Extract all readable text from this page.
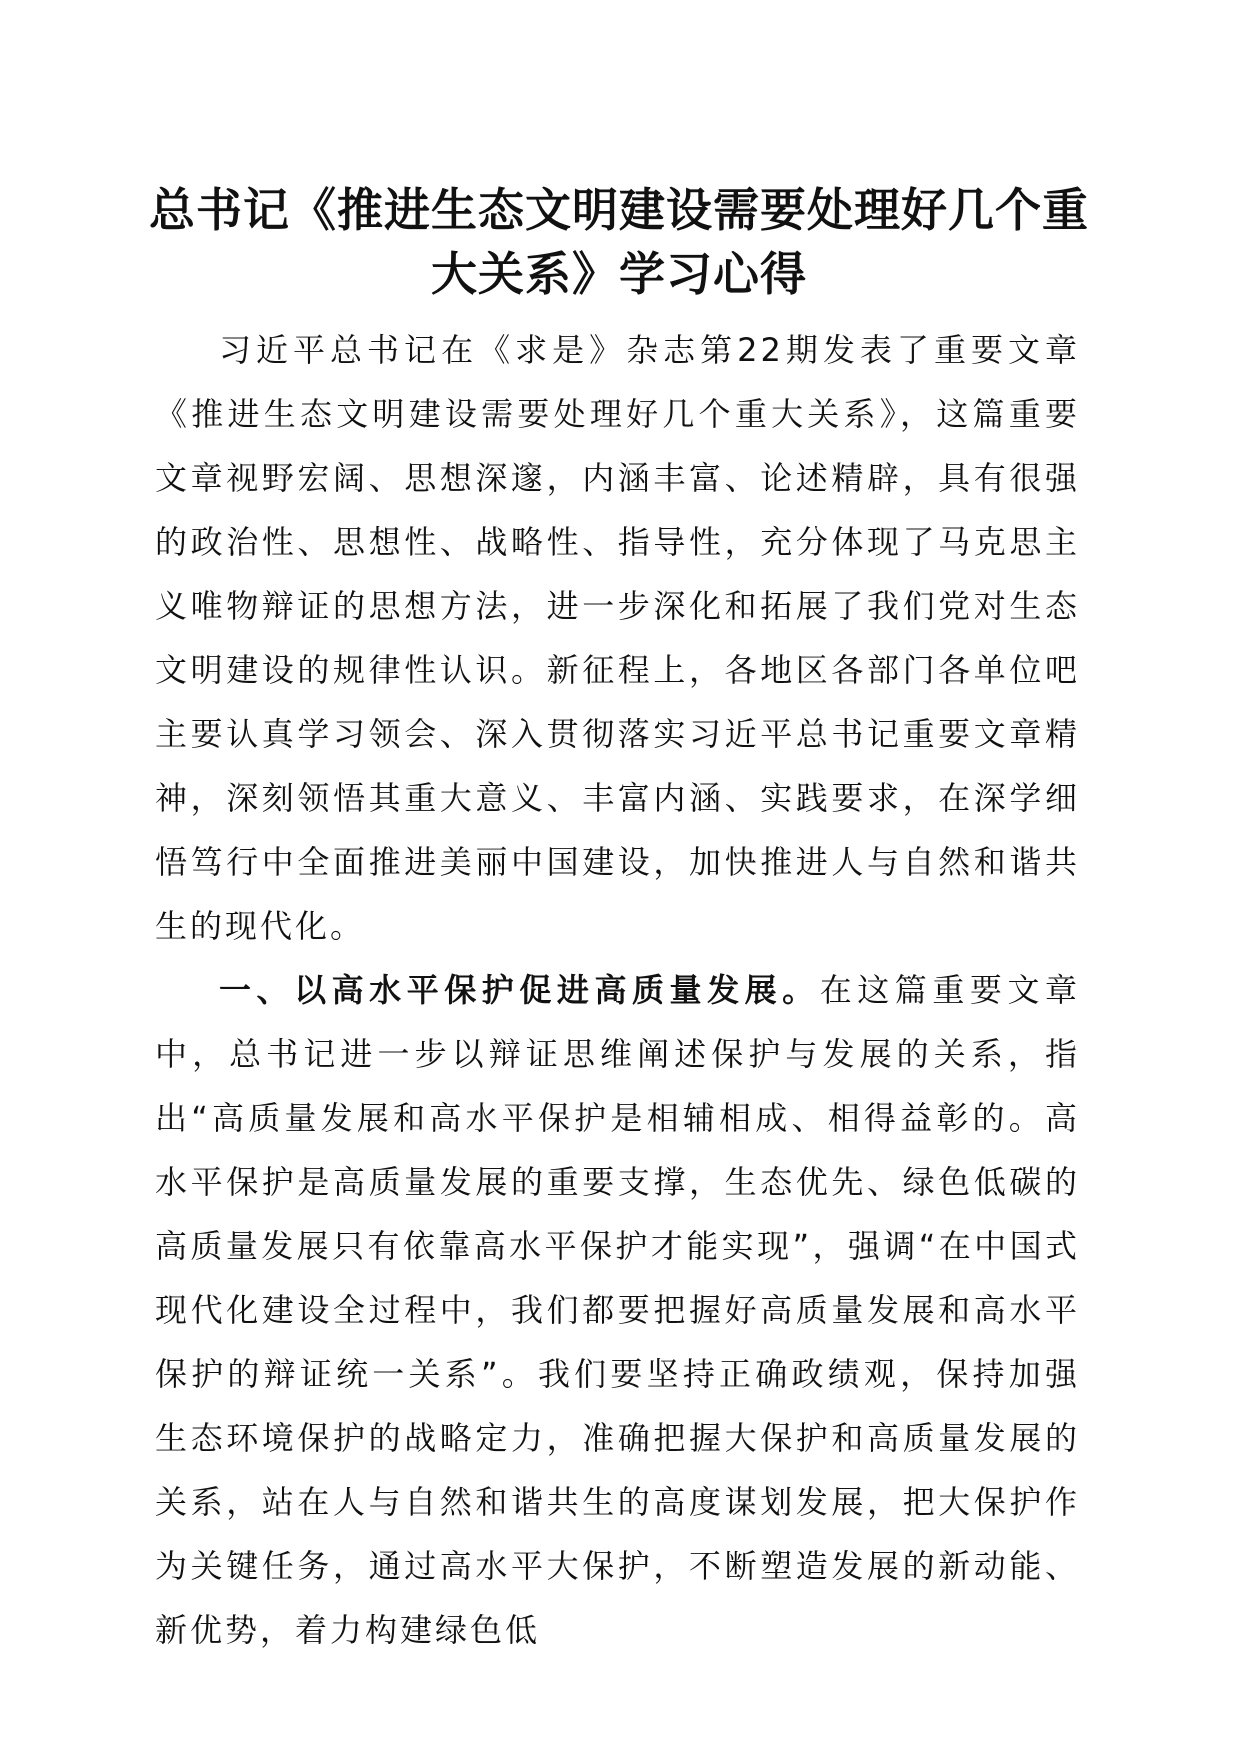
总书记《推进生态文明建设需要处理好几个重大关系》学习心得

习近平总书记在《求是》杂志第22期发表了重要文章《推进生态文明建设需要处理好几个重大关系》，这篇重要文章视野宏阔、思想深邃，内涵丰富、论述精辟，具有很强的政治性、思想性、战略性、指导性，充分体现了马克思主义唯物辩证的思想方法，进一步深化和拓展了我们党对生态文明建设的规律性认识。新征程上，各地区各部门各单位吧主要认真学习领会、深入贯彻落实习近平总书记重要文章精神，深刻领悟其重大意义、丰富内涵、实践要求，在深学细悟笃行中全面推进美丽中国建设，加快推进人与自然和谐共生的现代化。

一、以高水平保护促进高质量发展。在这篇重要文章中，总书记进一步以辩证思维阐述保护与发展的关系，指出“高质量发展和高水平保护是相辅相成、相得益彰的。高水平保护是高质量发展的重要支撑，生态优先、绿色低碳的高质量发展只有依靠高水平保护才能实现”，强调“在中国式现代化建设全过程中，我们都要把握好高质量发展和高水平保护的辩证统一关系”。我们要坚持正确政绩观，保持加强生态环境保护的战略定力，准确把握大保护和高质量发展的关系，站在人与自然和谐共生的高度谋划发展，把大保护作为关键任务，通过高水平大保护，不断塑造发展的新动能、新优势，着力构建绿色低
